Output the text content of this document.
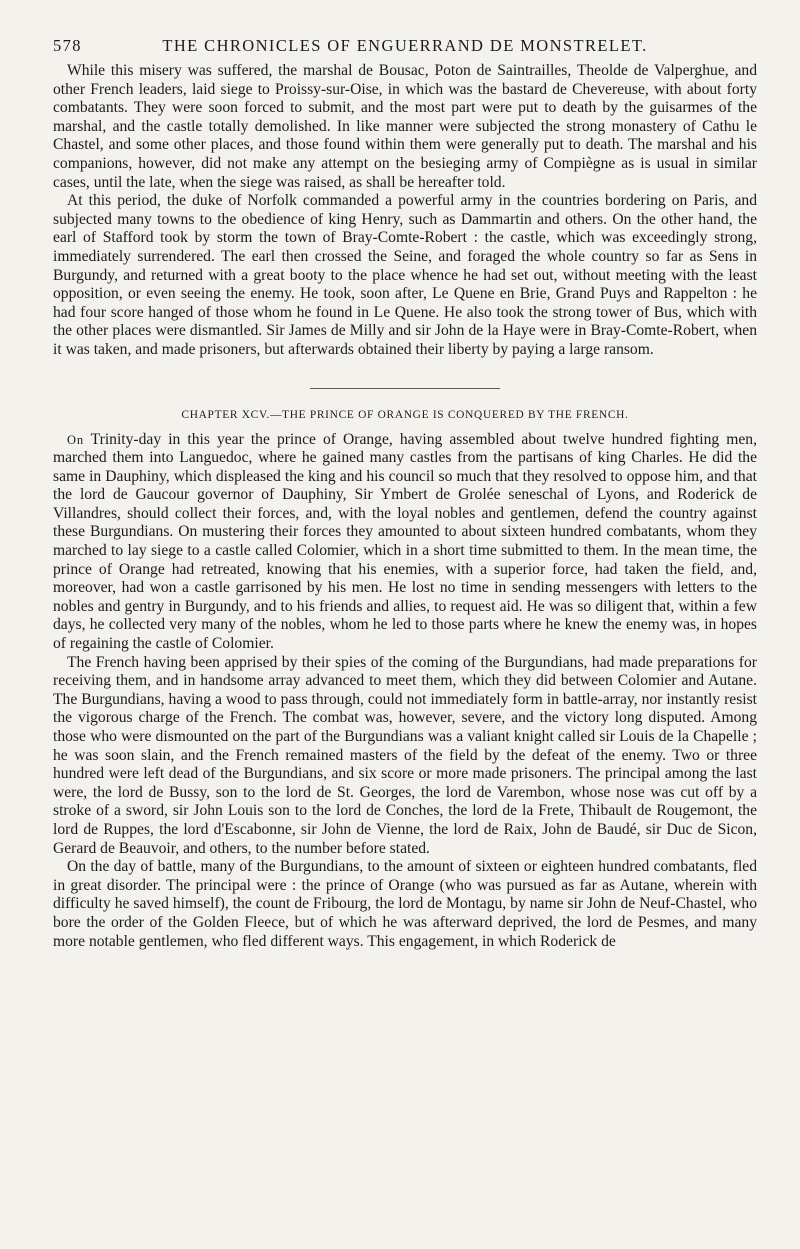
578	THE CHRONICLES OF ENGUERRAND DE MONSTRELET.

While this misery was suffered, the marshal de Bousac, Poton de Saintrailles, Theolde de Valperghue, and other French leaders, laid siege to Proissy-sur-Oise, in which was the bastard de Chevereuse, with about forty combatants. They were soon forced to submit, and the most part were put to death by the guisarmes of the marshal, and the castle totally demolished. In like manner were subjected the strong monastery of Cathu le Chastel, and some other places, and those found within them were generally put to death. The marshal and his companions, however, did not make any attempt on the besieging army of Compiègne as is usual in similar cases, until the late, when the siege was raised, as shall be hereafter told.

At this period, the duke of Norfolk commanded a powerful army in the countries bordering on Paris, and subjected many towns to the obedience of king Henry, such as Dammartin and others. On the other hand, the earl of Stafford took by storm the town of Bray-Comte-Robert : the castle, which was exceedingly strong, immediately surrendered. The earl then crossed the Seine, and foraged the whole country so far as Sens in Burgundy, and returned with a great booty to the place whence he had set out, without meeting with the least opposition, or even seeing the enemy. He took, soon after, Le Quene en Brie, Grand Puys and Rappelton : he had four score hanged of those whom he found in Le Quene. He also took the strong tower of Bus, which with the other places were dismantled. Sir James de Milly and sir John de la Haye were in Bray-Comte-Robert, when it was taken, and made prisoners, but afterwards obtained their liberty by paying a large ransom.

CHAPTER XCV.—THE PRINCE OF ORANGE IS CONQUERED BY THE FRENCH.

On Trinity-day in this year the prince of Orange, having assembled about twelve hundred fighting men, marched them into Languedoc, where he gained many castles from the partisans of king Charles. He did the same in Dauphiny, which displeased the king and his council so much that they resolved to oppose him, and that the lord de Gaucour governor of Dauphiny, Sir Ymbert de Grolée seneschal of Lyons, and Roderick de Villandres, should collect their forces, and, with the loyal nobles and gentlemen, defend the country against these Burgundians. On mustering their forces they amounted to about sixteen hundred combatants, whom they marched to lay siege to a castle called Colomier, which in a short time submitted to them. In the mean time, the prince of Orange had retreated, knowing that his enemies, with a superior force, had taken the field, and, moreover, had won a castle garrisoned by his men. He lost no time in sending messengers with letters to the nobles and gentry in Burgundy, and to his friends and allies, to request aid. He was so diligent that, within a few days, he collected very many of the nobles, whom he led to those parts where he knew the enemy was, in hopes of regaining the castle of Colomier.

The French having been apprised by their spies of the coming of the Burgundians, had made preparations for receiving them, and in handsome array advanced to meet them, which they did between Colomier and Autane. The Burgundians, having a wood to pass through, could not immediately form in battle-array, nor instantly resist the vigorous charge of the French. The combat was, however, severe, and the victory long disputed. Among those who were dismounted on the part of the Burgundians was a valiant knight called sir Louis de la Chapelle ; he was soon slain, and the French remained masters of the field by the defeat of the enemy. Two or three hundred were left dead of the Burgundians, and six score or more made prisoners. The principal among the last were, the lord de Bussy, son to the lord de St. Georges, the lord de Varembon, whose nose was cut off by a stroke of a sword, sir John Louis son to the lord de Conches, the lord de la Frete, Thibault de Rougemont, the lord de Ruppes, the lord d'Escabonne, sir John de Vienne, the lord de Raix, John de Baudé, sir Duc de Sicon, Gerard de Beauvoir, and others, to the number before stated.

On the day of battle, many of the Burgundians, to the amount of sixteen or eighteen hundred combatants, fled in great disorder. The principal were : the prince of Orange (who was pursued as far as Autane, wherein with difficulty he saved himself), the count de Fribourg, the lord de Montagu, by name sir John de Neuf-Chastel, who bore the order of the Golden Fleece, but of which he was afterward deprived, the lord de Pesmes, and many more notable gentlemen, who fled different ways. This engagement, in which Roderick de
